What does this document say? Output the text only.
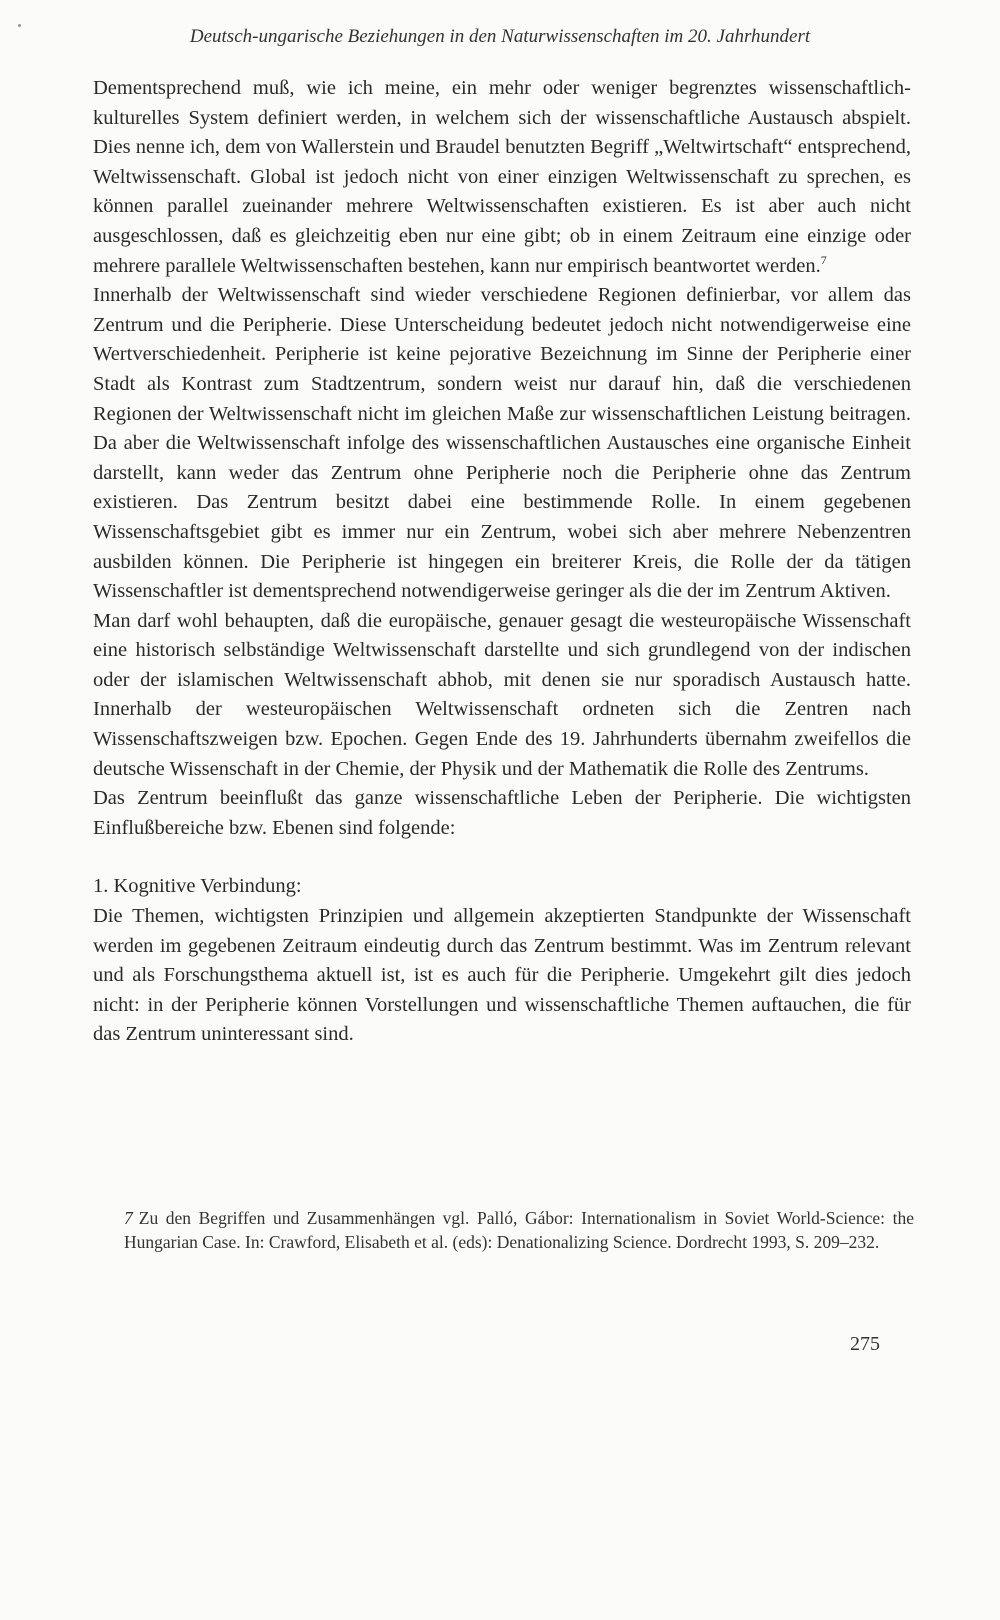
Deutsch-ungarische Beziehungen in den Naturwissenschaften im 20. Jahrhundert

Dementsprechend muß, wie ich meine, ein mehr oder weniger begrenztes wissenschaftlich-kulturelles System definiert werden, in welchem sich der wissenschaftliche Austausch abspielt. Dies nenne ich, dem von Wallerstein und Braudel benutzten Begriff „Weltwirtschaft“ entsprechend, Weltwissenschaft. Global ist jedoch nicht von einer einzigen Weltwissenschaft zu sprechen, es können parallel zueinander mehrere Weltwissenschaften existieren. Es ist aber auch nicht ausgeschlossen, daß es gleichzeitig eben nur eine gibt; ob in einem Zeitraum eine einzige oder mehrere parallele Weltwissenschaften bestehen, kann nur empirisch beantwortet werden.$^7$

Innerhalb der Weltwissenschaft sind wieder verschiedene Regionen definierbar, vor allem das Zentrum und die Peripherie. Diese Unterscheidung bedeutet jedoch nicht notwendigerweise eine Wertverschiedenheit. Peripherie ist keine pejorative Bezeichnung im Sinne der Peripherie einer Stadt als Kontrast zum Stadtzentrum, sondern weist nur darauf hin, daß die verschiedenen Regionen der Weltwissenschaft nicht im gleichen Maße zur wissenschaftlichen Leistung beitragen. Da aber die Weltwissenschaft infolge des wissenschaftlichen Austausches eine organische Einheit darstellt, kann weder das Zentrum ohne Peripherie noch die Peripherie ohne das Zentrum existieren. Das Zentrum besitzt dabei eine bestimmende Rolle. In einem gegebenen Wissenschaftsgebiet gibt es immer nur ein Zentrum, wobei sich aber mehrere Nebenzentren ausbilden können. Die Peripherie ist hingegen ein breiterer Kreis, die Rolle der da tätigen Wissenschaftler ist dementsprechend notwendigerweise geringer als die der im Zentrum Aktiven.

Man darf wohl behaupten, daß die europäische, genauer gesagt die westeuropäische Wissenschaft eine historisch selbständige Weltwissenschaft darstellte und sich grundlegend von der indischen oder der islamischen Weltwissenschaft abhob, mit denen sie nur sporadisch Austausch hatte. Innerhalb der westeuropäischen Weltwissenschaft ordneten sich die Zentren nach Wissenschaftszweigen bzw. Epochen. Gegen Ende des 19. Jahrhunderts übernahm zweifellos die deutsche Wissenschaft in der Chemie, der Physik und der Mathematik die Rolle des Zentrums.

Das Zentrum beeinflußt das ganze wissenschaftliche Leben der Peripherie. Die wichtigsten Einflußbereiche bzw. Ebenen sind folgende:

1. Kognitive Verbindung:

Die Themen, wichtigsten Prinzipien und allgemein akzeptierten Standpunkte der Wissenschaft werden im gegebenen Zeitraum eindeutig durch das Zentrum bestimmt. Was im Zentrum relevant und als Forschungsthema aktuell ist, ist es auch für die Peripherie. Umgekehrt gilt dies jedoch nicht: in der Peripherie können Vorstellungen und wissenschaftliche Themen auftauchen, die für das Zentrum uninteressant sind.

7 Zu den Begriffen und Zusammenhängen vgl. Palló, Gábor: Internationalism in Soviet World-Science: the Hungarian Case. In: Crawford, Elisabeth et al. (eds): Denationalizing Science. Dordrecht 1993, S. 209–232.
275
